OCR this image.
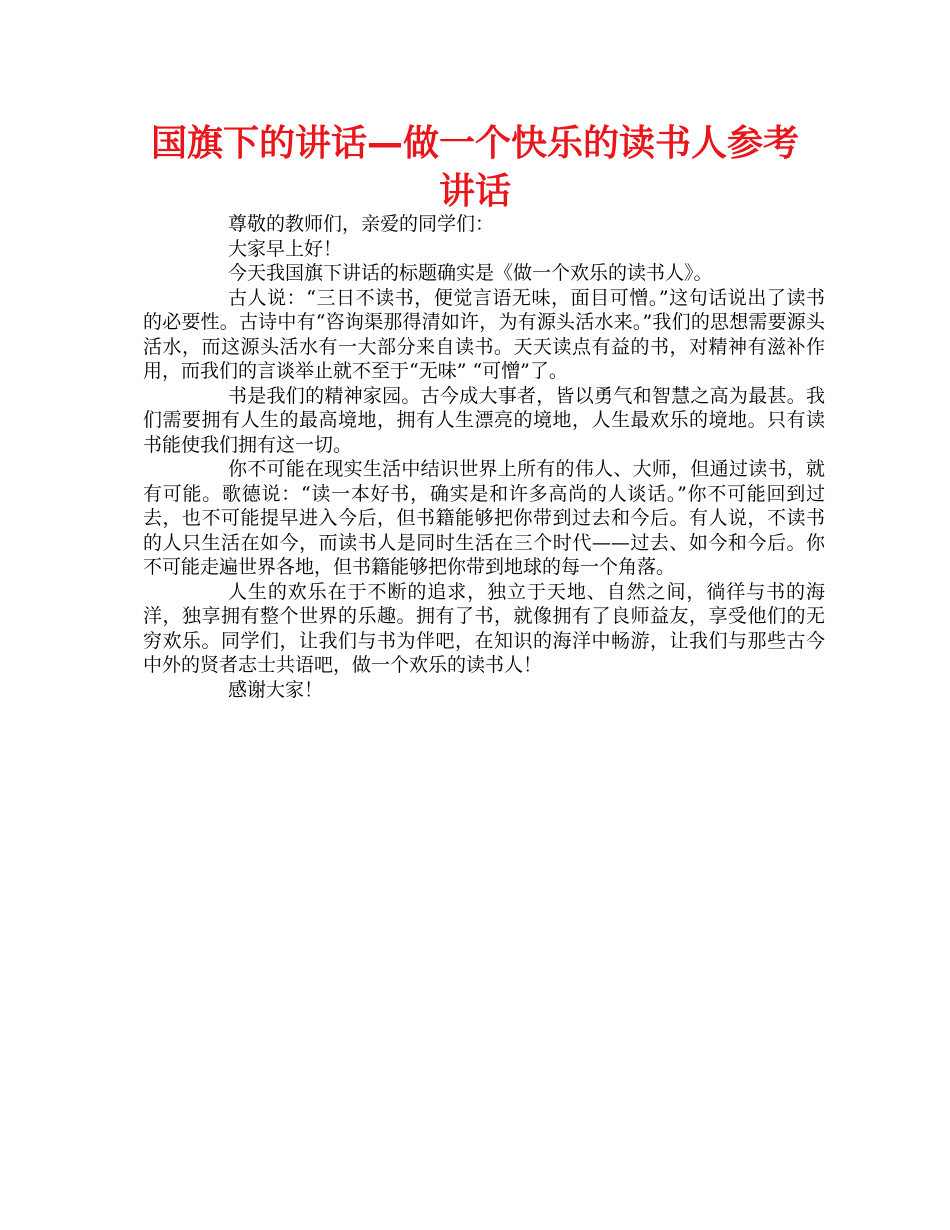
国旗下的讲话—做一个快乐的读书人参考讲话

尊敬的教师们，亲爱的同学们：

大家早上好！

今天我国旗下讲话的标题确实是《做一个欢乐的读书人》。

古人说：“三日不读书，便觉言语无味，面目可憎。”这句话说出了读书的必要性。古诗中有“咨询渠那得清如许，为有源头活水来。”我们的思想需要源头活水，而这源头活水有一大部分来自读书。天天读点有益的书，对精神有滋补作用，而我们的言谈举止就不至于“无味” “可憎”了。

书是我们的精神家园。古今成大事者，皆以勇气和智慧之高为最甚。我们需要拥有人生的最高境地，拥有人生漂亮的境地，人生最欢乐的境地。只有读书能使我们拥有这一切。

你不可能在现实生活中结识世界上所有的伟人、大师，但通过读书，就有可能。歌德说：“读一本好书，确实是和许多高尚的人谈话。”你不可能回到过去，也不可能提早进入今后，但书籍能够把你带到过去和今后。有人说，不读书的人只生活在如今，而读书人是同时生活在三个时代——过去、如今和今后。你不可能走遍世界各地，但书籍能够把你带到地球的每一个角落。

人生的欢乐在于不断的追求，独立于天地、自然之间，徜徉与书的海洋，独享拥有整个世界的乐趣。拥有了书，就像拥有了良师益友，享受他们的无穷欢乐。同学们，让我们与书为伴吧，在知识的海洋中畅游，让我们与那些古今中外的贤者志士共语吧，做一个欢乐的读书人！

感谢大家！
